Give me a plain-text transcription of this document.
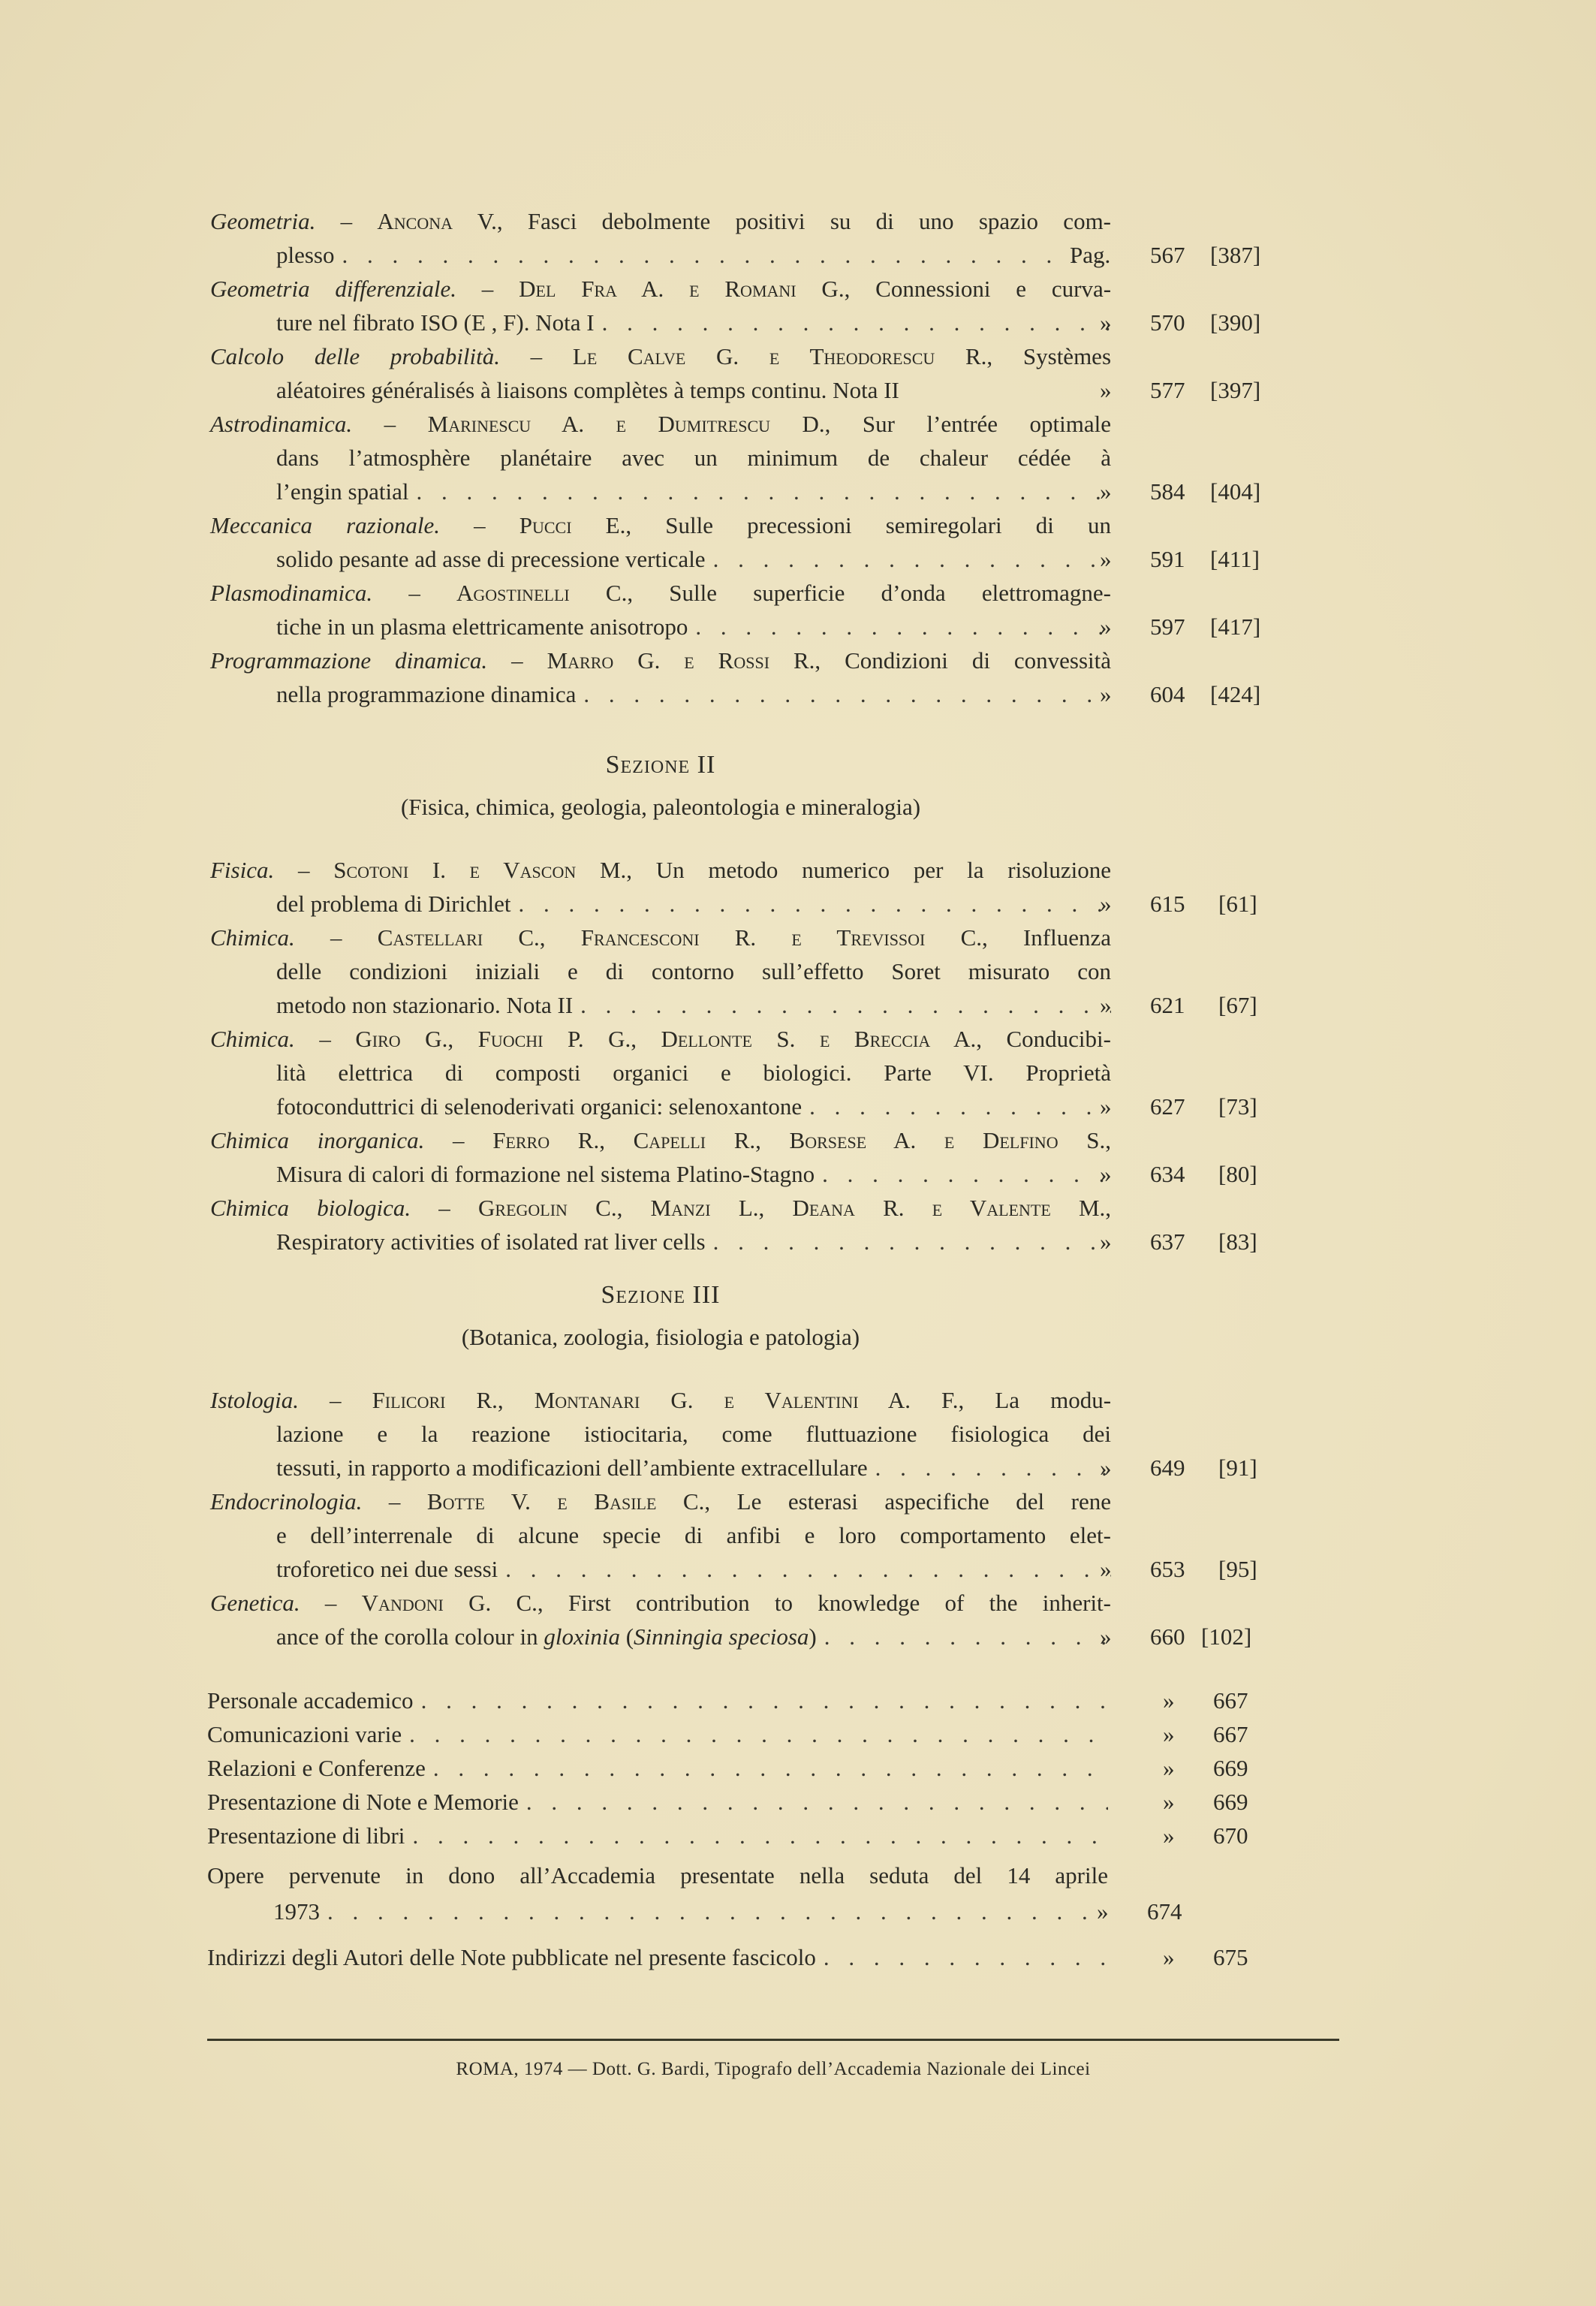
Geometria. – Ancona V., Fasci debolmente positivi su di uno spazio com-
plesso . . .	Pag. 567 [387]
Geometria differenziale. – Del Fra A. e Romani G., Connessioni e curva-
ture nel fibrato ISO (E , F). Nota I . . .	» 570 [390]
Calcolo delle probabilità. – Le Calve G. e Theodorescu R., Systèmes
aléatoires généralisés à liaisons complètes à temps continu. Nota II	» 577 [397]
Astrodinamica. – Marinescu A. e Dumitrescu D., Sur l’entrée optimale
dans l’atmosphère planétaire avec un minimum de chaleur cédée à
l’engin spatial . . .	» 584 [404]
Meccanica razionale. – Pucci E., Sulle precessioni semiregolari di un
solido pesante ad asse di precessione verticale . . .	» 591 [411]
Plasmodinamica. – Agostinelli C., Sulle superficie d’onda elettromagne-
tiche in un plasma elettricamente anisotropo . . .	» 597 [417]
Programmazione dinamica. – Marro G. e Rossi R., Condizioni di convessità
nella programmazione dinamica . . .	» 604 [424]
Sezione II
(Fisica, chimica, geologia, paleontologia e mineralogia)
Fisica. – Scotoni I. e Vascon M., Un metodo numerico per la risoluzione
del problema di Dirichlet . . .	» 615 [61]
Chimica. – Castellari C., Francesconi R. e Trevissoi C., Influenza
delle condizioni iniziali e di contorno sull’effetto Soret misurato con
metodo non stazionario. Nota II . . .	» 621 [67]
Chimica. – Giro G., Fuochi P. G., Dellonte S. e Breccia A., Conducibi-
lità elettrica di composti organici e biologici. Parte VI. Proprietà
fotoconduttrici di selenoderivati organici: selenoxantone . . .	» 627 [73]
Chimica inorganica. – Ferro R., Capelli R., Borsese A. e Delfino S.,
Misura di calori di formazione nel sistema Platino-Stagno . . .	» 634 [80]
Chimica biologica. – Gregolin C., Manzi L., Deana R. e Valente M.,
Respiratory activities of isolated rat liver cells . . .	» 637 [83]
Sezione III
(Botanica, zoologia, fisiologia e patologia)
Istologia. – Filicori R., Montanari G. e Valentini A. F., La modu-
lazione e la reazione istiocitaria, come fluttuazione fisiologica dei
tessuti, in rapporto a modificazioni dell’ambiente extracellulare . . .	» 649 [91]
Endocrinologia. – Botte V. e Basile C., Le esterasi aspecifiche del rene
e dell’interrenale di alcune specie di anfibi e loro comportamento elet-
troforetico nei due sessi . . .	» 653 [95]
Genetica. – Vandoni G. C., First contribution to knowledge of the inherit-
ance of the corolla colour in gloxinia (Sinningia speciosa) . . .	» 660 [102]
Personale accademico . . .	» 667
Comunicazioni varie . . .	» 667
Relazioni e Conferenze . . .	» 669
Presentazione di Note e Memorie . . .	» 669
Presentazione di libri . . .	» 670
Opere pervenute in dono all’Accademia presentate nella seduta del 14 aprile
1973 . . .	» 674
Indirizzi degli Autori delle Note pubblicate nel presente fascicolo . . .	» 675
ROMA, 1974 — Dott. G. Bardi, Tipografo dell’Accademia Nazionale dei Lincei
